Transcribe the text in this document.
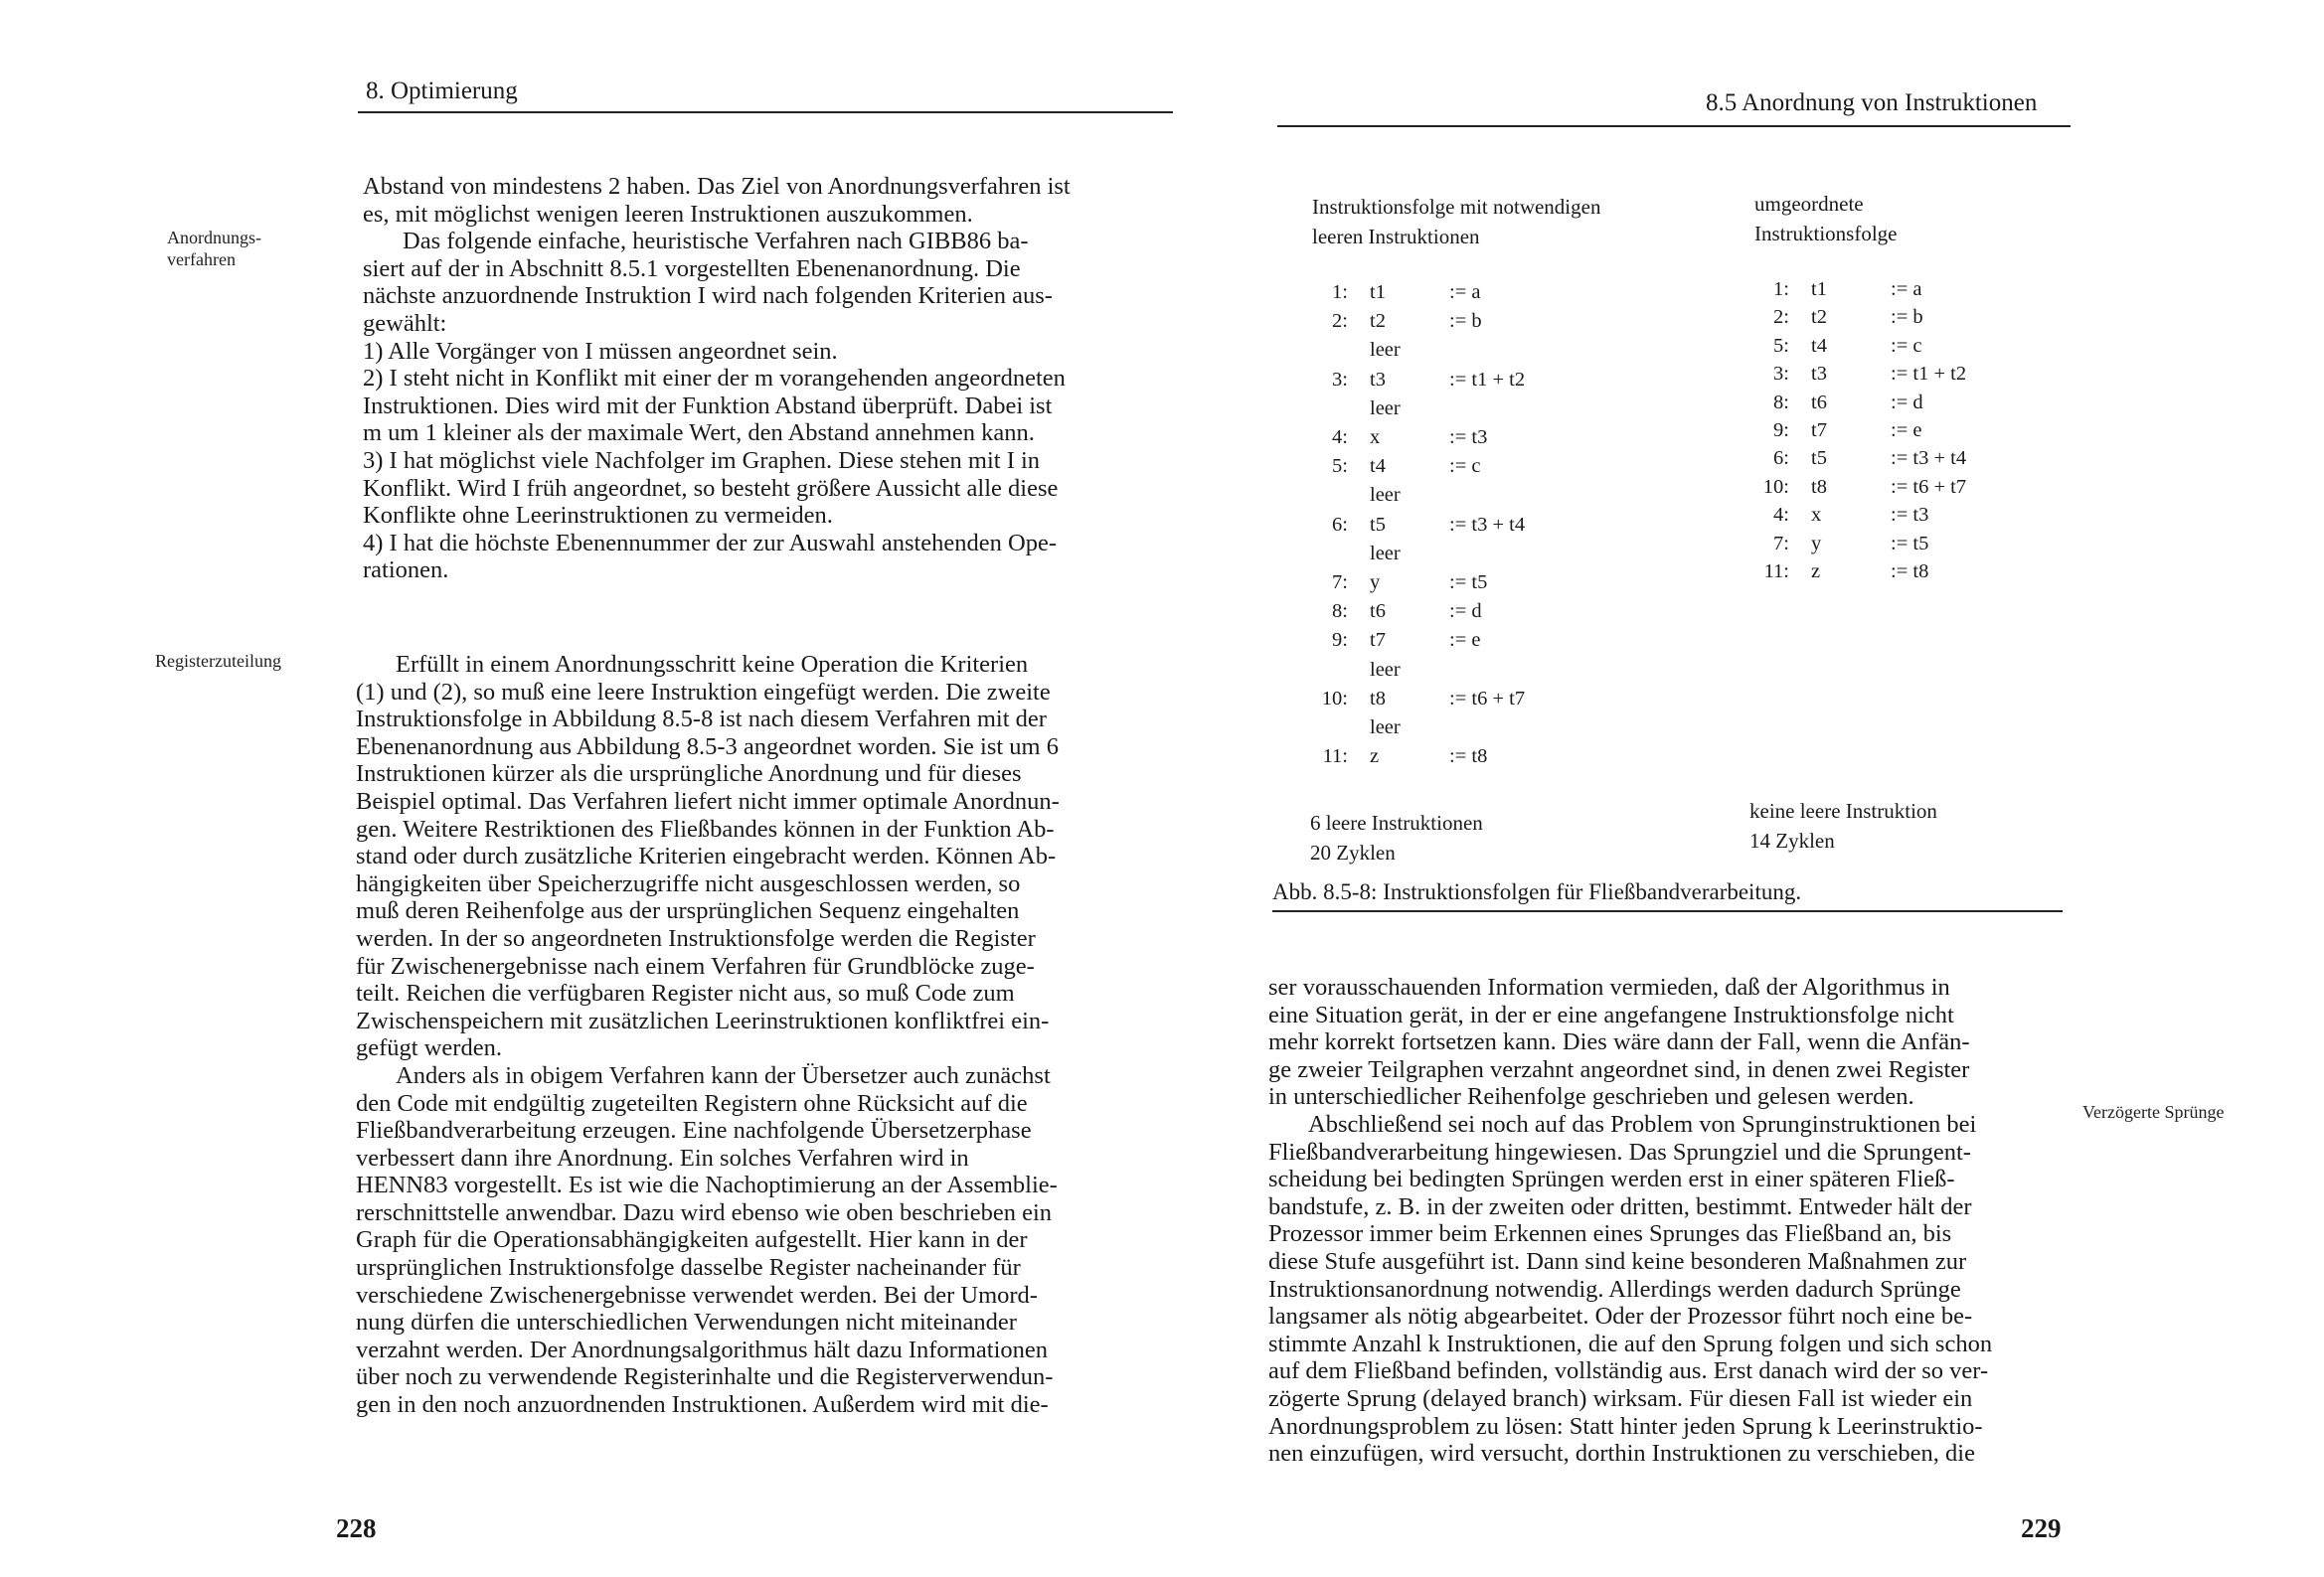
8. Optimierung
Anordnungs-
verfahren
Registerzuteilung
Abstand von mindestens 2 haben. Das Ziel von Anordnungsverfahren ist
es, mit möglichst wenigen leeren Instruktionen auszukommen.
Das folgende einfache, heuristische Verfahren nach GIBB86 ba-
siert auf der in Abschnitt 8.5.1 vorgestellten Ebenenanordnung. Die
nächste anzuordnende Instruktion I wird nach folgenden Kriterien aus-
gewählt:
1) Alle Vorgänger von I müssen angeordnet sein.
2) I steht nicht in Konflikt mit einer der m vorangehenden angeordneten
Instruktionen. Dies wird mit der Funktion Abstand überprüft. Dabei ist
m um 1 kleiner als der maximale Wert, den Abstand annehmen kann.
3) I hat möglichst viele Nachfolger im Graphen. Diese stehen mit I in
Konflikt. Wird I früh angeordnet, so besteht größere Aussicht alle diese
Konflikte ohne Leerinstruktionen zu vermeiden.
4) I hat die höchste Ebenennummer der zur Auswahl anstehenden Ope-
rationen.
Erfüllt in einem Anordnungsschritt keine Operation die Kriterien
(1) und (2), so muß eine leere Instruktion eingefügt werden. Die zweite
Instruktionsfolge in Abbildung 8.5-8 ist nach diesem Verfahren mit der
Ebenenanordnung aus Abbildung 8.5-3 angeordnet worden. Sie ist um 6
Instruktionen kürzer als die ursprüngliche Anordnung und für dieses
Beispiel optimal. Das Verfahren liefert nicht immer optimale Anordnun-
gen. Weitere Restriktionen des Fließbandes können in der Funktion Ab-
stand oder durch zusätzliche Kriterien eingebracht werden. Können Ab-
hängigkeiten über Speicherzugriffe nicht ausgeschlossen werden, so
muß deren Reihenfolge aus der ursprünglichen Sequenz eingehalten
werden. In der so angeordneten Instruktionsfolge werden die Register
für Zwischenergebnisse nach einem Verfahren für Grundblöcke zuge-
teilt. Reichen die verfügbaren Register nicht aus, so muß Code zum
Zwischenspeichern mit zusätzlichen Leerinstruktionen konfliktfrei ein-
gefügt werden.
Anders als in obigem Verfahren kann der Übersetzer auch zunächst
den Code mit endgültig zugeteilten Registern ohne Rücksicht auf die
Fließbandverarbeitung erzeugen. Eine nachfolgende Übersetzerphase
verbessert dann ihre Anordnung. Ein solches Verfahren wird in
HENN83 vorgestellt. Es ist wie die Nachoptimierung an der Assemblie-
rerschnittstelle anwendbar. Dazu wird ebenso wie oben beschrieben ein
Graph für die Operationsabhängigkeiten aufgestellt. Hier kann in der
ursprünglichen Instruktionsfolge dasselbe Register nacheinander für
verschiedene Zwischenergebnisse verwendet werden. Bei der Umord-
nung dürfen die unterschiedlichen Verwendungen nicht miteinander
verzahnt werden. Der Anordnungsalgorithmus hält dazu Informationen
über noch zu verwendende Registerinhalte und die Registerverwendun-
gen in den noch anzuordnenden Instruktionen. Außerdem wird mit die-
228
8.5 Anordnung von Instruktionen
Instruktionsfolge mit notwendigen
leeren Instruktionen
umgeordnete
Instruktionsfolge
1: t1	:= a
2: t2	:= b
leer
3: t3	:= t1 + t2
leer
4: x	:= t3
5: t4	:= c
leer
6: t5	:= t3 + t4
leer
7: y	:= t5
8: t6	:= d
9: t7	:= e
leer
10: t8	:= t6 + t7
leer
11: z	:= t8
1: t1	:= a
2: t2	:= b
5: t4	:= c
3: t3	:= t1 + t2
8: t6	:= d
9: t7	:= e
6: t5	:= t3 + t4
10: t8	:= t6 + t7
4: x	:= t3
7: y	:= t5
11: z	:= t8
6 leere Instruktionen
20 Zyklen
keine leere Instruktion
14 Zyklen
Abb. 8.5-8: Instruktionsfolgen für Fließbandverarbeitung.
Verzögerte Sprünge
ser vorausschauenden Information vermieden, daß der Algorithmus in
eine Situation gerät, in der er eine angefangene Instruktionsfolge nicht
mehr korrekt fortsetzen kann. Dies wäre dann der Fall, wenn die Anfän-
ge zweier Teilgraphen verzahnt angeordnet sind, in denen zwei Register
in unterschiedlicher Reihenfolge geschrieben und gelesen werden.
Abschließend sei noch auf das Problem von Sprunginstruktionen bei
Fließbandverarbeitung hingewiesen. Das Sprungziel und die Sprungent-
scheidung bei bedingten Sprüngen werden erst in einer späteren Fließ-
bandstufe, z. B. in der zweiten oder dritten, bestimmt. Entweder hält der
Prozessor immer beim Erkennen eines Sprunges das Fließband an, bis
diese Stufe ausgeführt ist. Dann sind keine besonderen Maßnahmen zur
Instruktionsanordnung notwendig. Allerdings werden dadurch Sprünge
langsamer als nötig abgearbeitet. Oder der Prozessor führt noch eine be-
stimmte Anzahl k Instruktionen, die auf den Sprung folgen und sich schon
auf dem Fließband befinden, vollständig aus. Erst danach wird der so ver-
zögerte Sprung (delayed branch) wirksam. Für diesen Fall ist wieder ein
Anordnungsproblem zu lösen: Statt hinter jeden Sprung k Leerinstruktio-
nen einzufügen, wird versucht, dorthin Instruktionen zu verschieben, die
229
